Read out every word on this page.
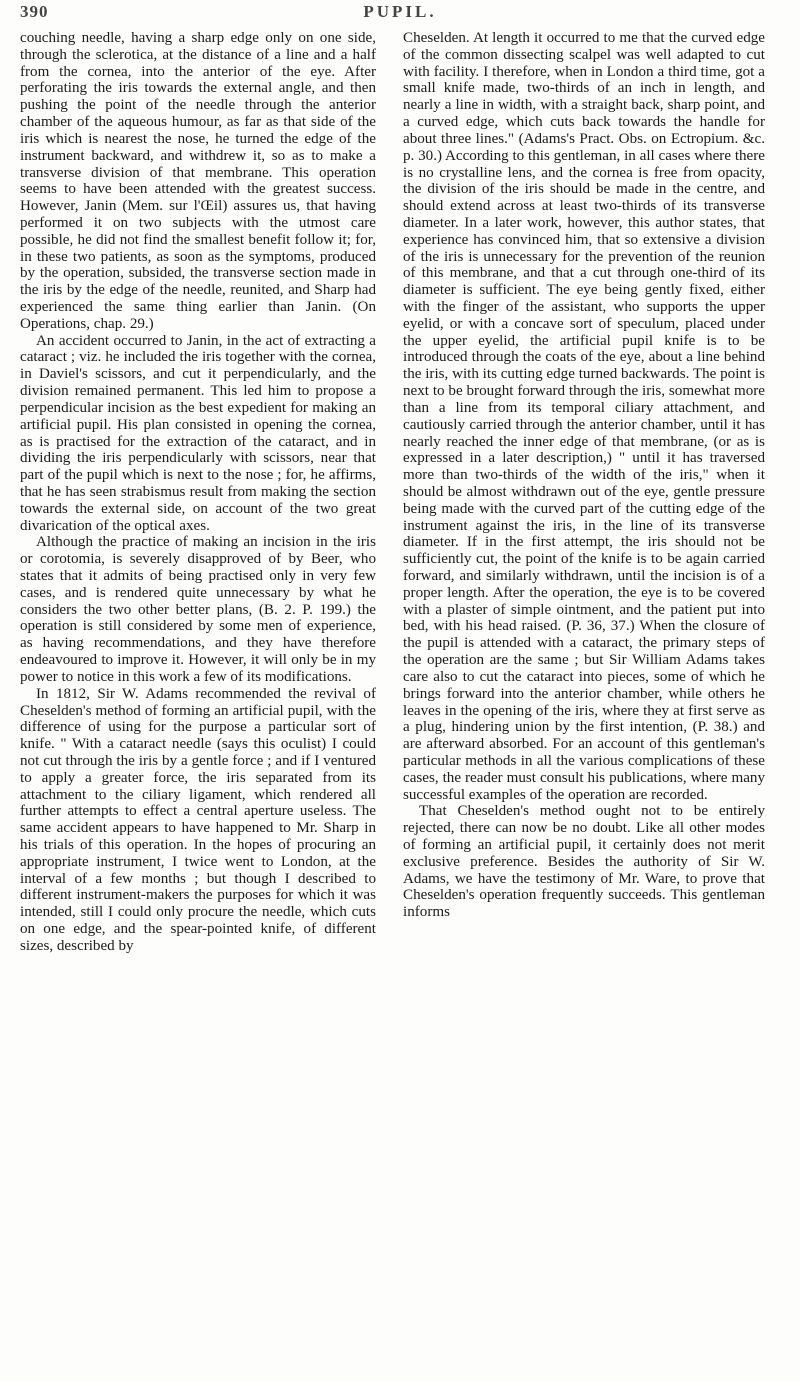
390	PUPIL.

couching needle, having a sharp edge only on one side, through the sclerotica, at the distance of a line and a half from the cornea, into the anterior of the eye. After perforating the iris towards the external angle, and then pushing the point of the needle through the anterior chamber of the aqueous humour, as far as that side of the iris which is nearest the nose, he turned the edge of the instrument backward, and withdrew it, so as to make a transverse division of that membrane. This operation seems to have been attended with the greatest success. However, Janin (Mem. sur l'Œil) assures us, that having performed it on two subjects with the utmost care possible, he did not find the smallest benefit follow it; for, in these two patients, as soon as the symptoms, produced by the operation, subsided, the transverse section made in the iris by the edge of the needle, reunited, and Sharp had experienced the same thing earlier than Janin. (On Operations, chap. 29.)

An accident occurred to Janin, in the act of extracting a cataract ; viz. he included the iris together with the cornea, in Daviel's scissors, and cut it perpendicularly, and the division remained permanent. This led him to propose a perpendicular incision as the best expedient for making an artificial pupil. His plan consisted in opening the cornea, as is practised for the extraction of the cataract, and in dividing the iris perpendicularly with scissors, near that part of the pupil which is next to the nose ; for, he affirms, that he has seen strabismus result from making the section towards the external side, on account of the two great divarication of the optical axes.

Although the practice of making an incision in the iris or corotomia, is severely disapproved of by Beer, who states that it admits of being practised only in very few cases, and is rendered quite unnecessary by what he considers the two other better plans, (B. 2. P. 199.) the operation is still considered by some men of experience, as having recommendations, and they have therefore endeavoured to improve it. However, it will only be in my power to notice in this work a few of its modifications.

In 1812, Sir W. Adams recommended the revival of Cheselden's method of forming an artificial pupil, with the difference of using for the purpose a particular sort of knife. " With a cataract needle (says this oculist) I could not cut through the iris by a gentle force ; and if I ventured to apply a greater force, the iris separated from its attachment to the ciliary ligament, which rendered all further attempts to effect a central aperture useless. The same accident appears to have happened to Mr. Sharp in his trials of this operation. In the hopes of procuring an appropriate instrument, I twice went to London, at the interval of a few months ; but though I described to different instrument-makers the purposes for which it was intended, still I could only procure the needle, which cuts on one edge, and the spear-pointed knife, of different sizes, described by

Cheselden. At length it occurred to me that the curved edge of the common dissecting scalpel was well adapted to cut with facility. I therefore, when in London a third time, got a small knife made, two-thirds of an inch in length, and nearly a line in width, with a straight back, sharp point, and a curved edge, which cuts back towards the handle for about three lines." (Adams's Pract. Obs. on Ectropium. &c. p. 30.) According to this gentleman, in all cases where there is no crystalline lens, and the cornea is free from opacity, the division of the iris should be made in the centre, and should extend across at least two-thirds of its transverse diameter. In a later work, however, this author states, that experience has convinced him, that so extensive a division of the iris is unnecessary for the prevention of the reunion of this membrane, and that a cut through one-third of its diameter is sufficient. The eye being gently fixed, either with the finger of the assistant, who supports the upper eyelid, or with a concave sort of speculum, placed under the upper eyelid, the artificial pupil knife is to be introduced through the coats of the eye, about a line behind the iris, with its cutting edge turned backwards. The point is next to be brought forward through the iris, somewhat more than a line from its temporal ciliary attachment, and cautiously carried through the anterior chamber, until it has nearly reached the inner edge of that membrane, (or as is expressed in a later description,) " until it has traversed more than two-thirds of the width of the iris," when it should be almost withdrawn out of the eye, gentle pressure being made with the curved part of the cutting edge of the instrument against the iris, in the line of its transverse diameter. If in the first attempt, the iris should not be sufficiently cut, the point of the knife is to be again carried forward, and similarly withdrawn, until the incision is of a proper length. After the operation, the eye is to be covered with a plaster of simple ointment, and the patient put into bed, with his head raised. (P. 36, 37.) When the closure of the pupil is attended with a cataract, the primary steps of the operation are the same ; but Sir William Adams takes care also to cut the cataract into pieces, some of which he brings forward into the anterior chamber, while others he leaves in the opening of the iris, where they at first serve as a plug, hindering union by the first intention, (P. 38.) and are afterward absorbed. For an account of this gentleman's particular methods in all the various complications of these cases, the reader must consult his publications, where many successful examples of the operation are recorded.

That Cheselden's method ought not to be entirely rejected, there can now be no doubt. Like all other modes of forming an artificial pupil, it certainly does not merit exclusive preference. Besides the authority of Sir W. Adams, we have the testimony of Mr. Ware, to prove that Cheselden's operation frequently succeeds. This gentleman informs
